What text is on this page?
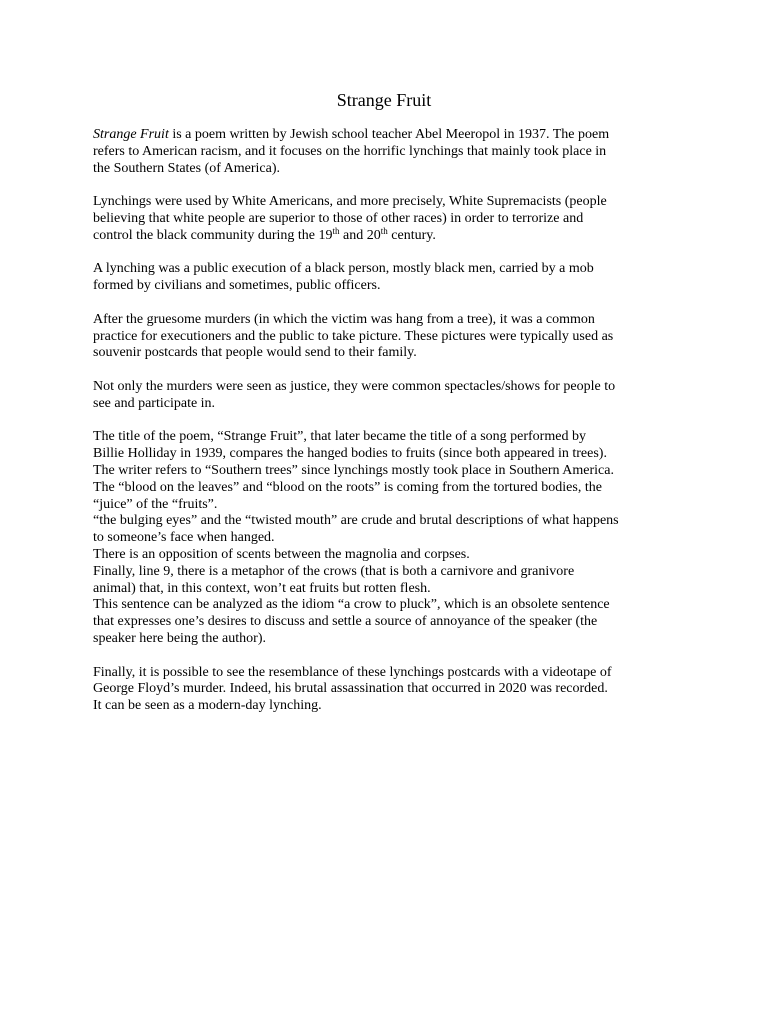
Strange Fruit

Strange Fruit is a poem written by Jewish school teacher Abel Meeropol in 1937. The poem
refers to American racism, and it focuses on the horrific lynchings that mainly took place in
the Southern States (of America).

Lynchings were used by White Americans, and more precisely, White Supremacists (people
believing that white people are superior to those of other races) in order to terrorize and
control the black community during the 19th and 20th century.

A lynching was a public execution of a black person, mostly black men, carried by a mob
formed by civilians and sometimes, public officers.

After the gruesome murders (in which the victim was hang from a tree), it was a common
practice for executioners and the public to take picture. These pictures were typically used as
souvenir postcards that people would send to their family.

Not only the murders were seen as justice, they were common spectacles/shows for people to
see and participate in.

The title of the poem, “Strange Fruit”, that later became the title of a song performed by
Billie Holliday in 1939, compares the hanged bodies to fruits (since both appeared in trees).
The writer refers to “Southern trees” since lynchings mostly took place in Southern America.
The “blood on the leaves” and “blood on the roots” is coming from the tortured bodies, the
“juice” of the “fruits”.
“the bulging eyes” and the “twisted mouth” are crude and brutal descriptions of what happens
to someone’s face when hanged.
There is an opposition of scents between the magnolia and corpses.
Finally, line 9, there is a metaphor of the crows (that is both a carnivore and granivore
animal) that, in this context, won’t eat fruits but rotten flesh.
This sentence can be analyzed as the idiom “a crow to pluck”, which is an obsolete sentence
that expresses one’s desires to discuss and settle a source of annoyance of the speaker (the
speaker here being the author).

Finally, it is possible to see the resemblance of these lynchings postcards with a videotape of
George Floyd’s murder. Indeed, his brutal assassination that occurred in 2020 was recorded.
It can be seen as a modern-day lynching.
